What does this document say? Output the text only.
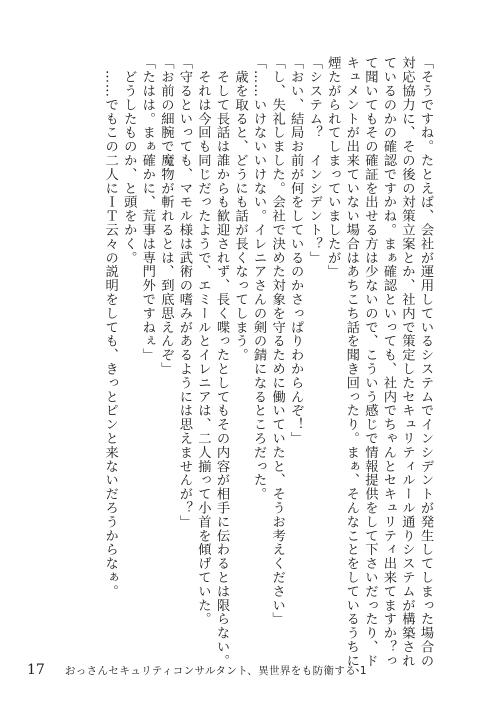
「そうですね。たとえば、会社が運用しているシステムでインシデントが発生してしまった場合の
対応協力に、その後の対策立案とか、社内で策定したセキュリティルール通りシステムが構築され
ているのかの確認ですかね。まぁ確認といっても、社内でちゃんとセキュリティ出来てますか？っ
て聞いてもその確証を出せる方は少ないので、こういう感じで情報提供をして下さいだったり、ド
キュメントが出来ていない場合はあちこち話を聞き回ったり。まぁ、そんなことをしているうちに、
煙たがられてしまっていましたが」
「システム？　インシデント？」
「おい、結局お前が何をしているのかさっぱりわからんぞ！」
「し、失礼しました。会社で決めた対象を守るために働いていたと、そうお考えください」
「……いけないいけない。イレニアさんの剣の錆になるところだった。
　歳を取ると、どうにも話が長くなってしまう。
　そして長話は誰からも歓迎されず、長く喋ったとしてもその内容が相手に伝わるとは限らない。
　それは今回も同じだったようで、エミールとイレニアは、二人揃って小首を傾げていた。
「守るといっても、マモル様は武術の嗜みがあるようには思えませんが？」
「お前の細腕で魔物が斬れるとは、到底思えんぞ」
「たはは。まぁ確かに、荒事は専門外ですねぇ」
　どうしたものか、と頭をかく。
　……でもこの二人にＩＴ云々の説明をしても、きっとピンと来ないだろうからなぁ。
17 おっさんセキュリティコンサルタント、異世界をも防衛する 1
